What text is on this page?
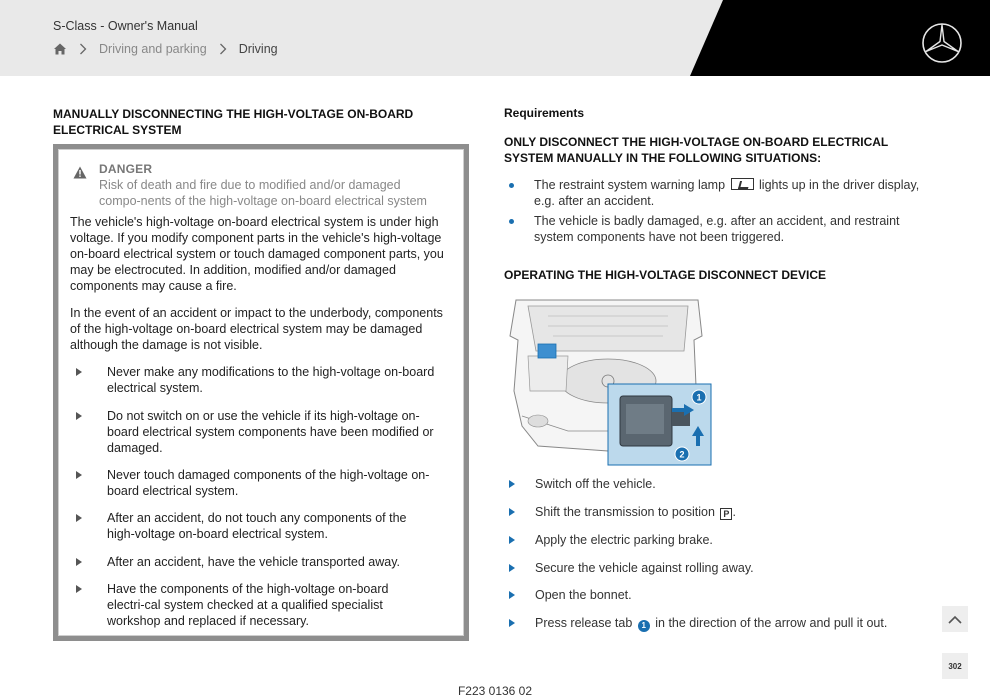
S-Class - Owner's Manual
Driving and parking	Driving
MANUALLY DISCONNECTING THE HIGH-VOLTAGE ON-BOARD ELECTRICAL SYSTEM
DANGER
Risk of death and fire due to modified and/or damaged compo-nents of the high-voltage on-board electrical system
The vehicle's high-voltage on-board electrical system is under high voltage. If you modify component parts in the vehicle's high-voltage on-board electrical system or touch damaged component parts, you may be electrocuted. In addition, modified and/or damaged components may cause a fire.
In the event of an accident or impact to the underbody, components of the high-voltage on-board electrical system may be damaged although the damage is not visible.
Never make any modifications to the high-voltage on-board electrical system.
Do not switch on or use the vehicle if its high-voltage on-board electrical system components have been modified or damaged.
Never touch damaged components of the high-voltage on-board electrical system.
After an accident, do not touch any components of the high-voltage on-board electrical system.
After an accident, have the vehicle transported away.
Have the components of the high-voltage on-board electri-cal system checked at a qualified specialist workshop and replaced if necessary.
Requirements
ONLY DISCONNECT THE HIGH-VOLTAGE ON-BOARD ELECTRICAL SYSTEM MANUALLY IN THE FOLLOWING SITUATIONS:
The restraint system warning lamp	lights up in the driver display, e.g. after an accident.
The vehicle is badly damaged, e.g. after an accident, and restraint system components have not been triggered.
OPERATING THE HIGH-VOLTAGE DISCONNECT DEVICE
1
2
Switch off the vehicle.
Shift the transmission to position P .
Apply the electric parking brake.
Secure the vehicle against rolling away.
Open the bonnet.
Press release tab 1 in the direction of the arrow and pull it out.
302
F223 0136 02
